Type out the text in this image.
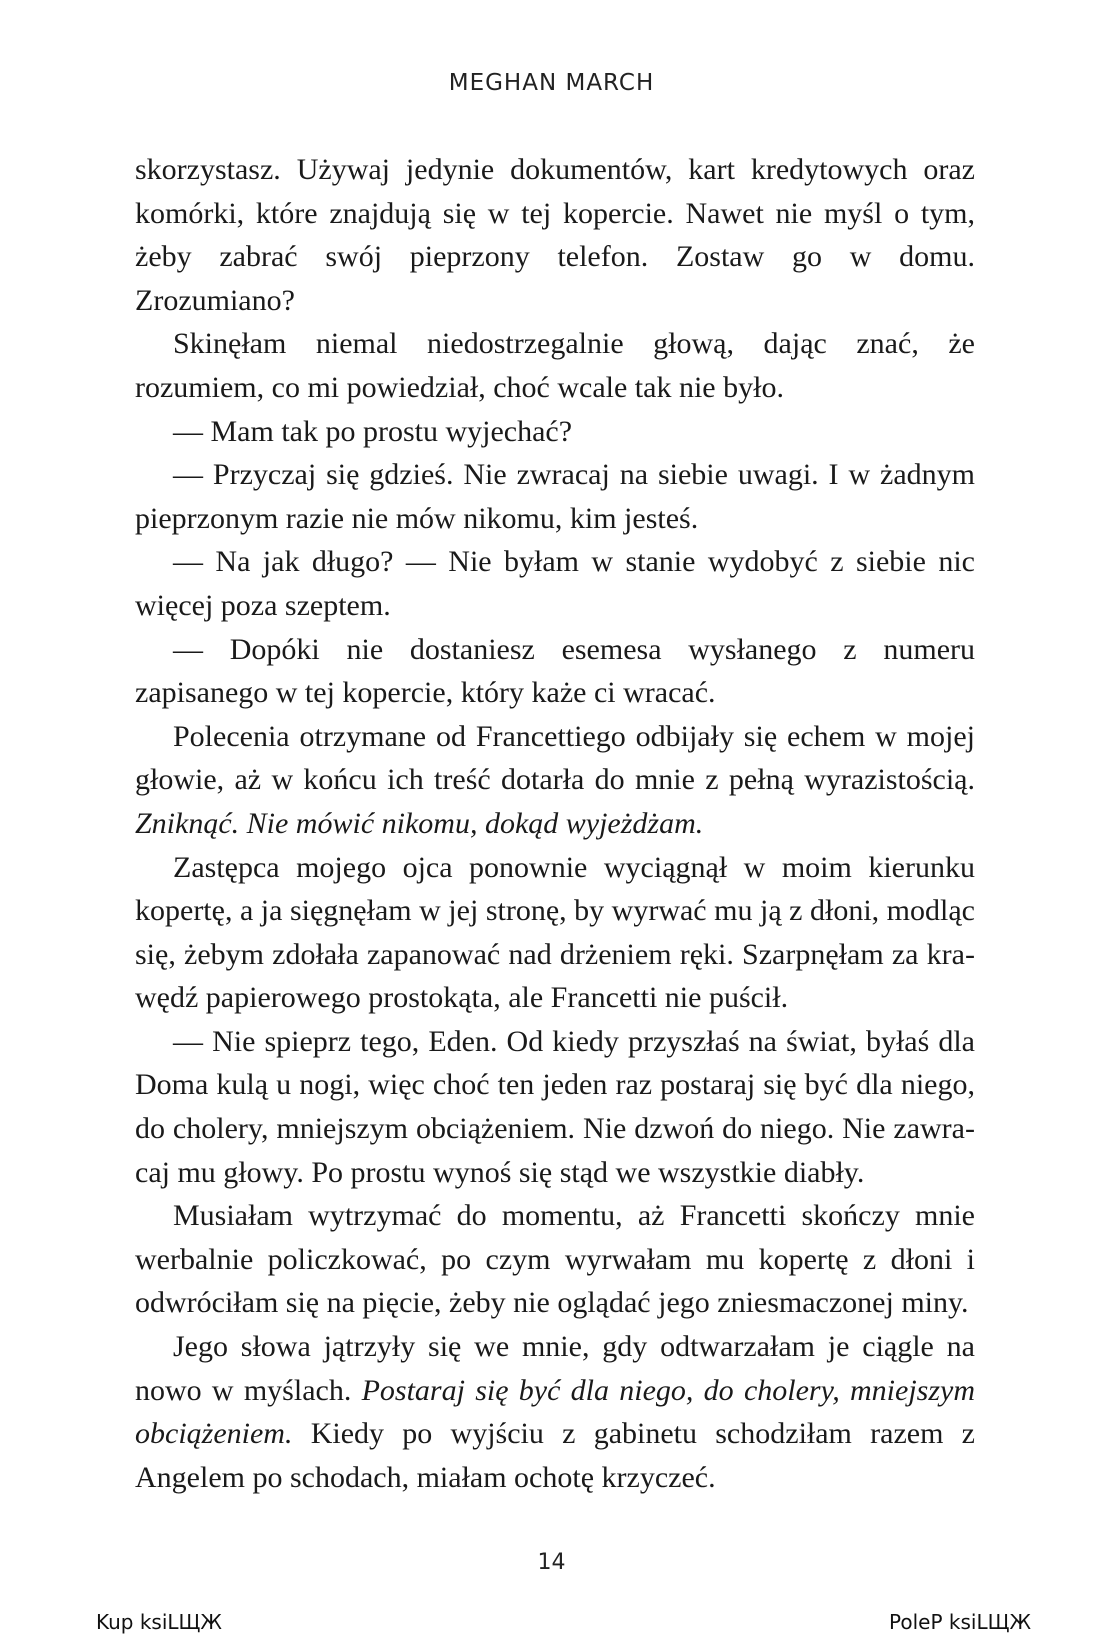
MEGHAN MARCH

skorzystasz. Używaj jedynie dokumentów, kart kredytowych oraz komórki, które znajdują się w tej kopercie. Nawet nie myśl o tym, żeby zabrać swój pieprzony telefon. Zostaw go w domu. Zrozumiano?

Skinęłam niemal niedostrzegalnie głową, dając znać, że rozumiem, co mi powiedział, choć wcale tak nie było.

— Mam tak po prostu wyjechać?

— Przyczaj się gdzieś. Nie zwracaj na siebie uwagi. I w żadnym pieprzonym razie nie mów nikomu, kim jesteś.

— Na jak długo? — Nie byłam w stanie wydobyć z siebie nic więcej poza szeptem.

— Dopóki nie dostaniesz esemesa wysłanego z numeru zapisanego w tej kopercie, który każe ci wracać.

Polecenia otrzymane od Francettiego odbijały się echem w mojej głowie, aż w końcu ich treść dotarła do mnie z pełną wyrazistością. Zniknąć. Nie mówić nikomu, dokąd wyjeżdżam.

Zastępca mojego ojca ponownie wyciągnął w moim kierunku kopertę, a ja sięgnęłam w jej stronę, by wyrwać mu ją z dłoni, modląc się, żebym zdołała zapanować nad drżeniem ręki. Szarpnęłam za krawędź papierowego prostokąta, ale Francetti nie puścił.

— Nie spieprz tego, Eden. Od kiedy przyszłaś na świat, byłaś dla Doma kulą u nogi, więc choć ten jeden raz postaraj się być dla niego, do cholery, mniejszym obciążeniem. Nie dzwoń do niego. Nie zawracaj mu głowy. Po prostu wynoś się stąd we wszystkie diabły.

Musiałam wytrzymać do momentu, aż Francetti skończy mnie werbalnie policzkować, po czym wyrwałam mu kopertę z dłoni i odwróciłam się na pięcie, żeby nie oglądać jego zniesmaczonej miny.

Jego słowa jątrzyły się we mnie, gdy odtwarzałam je ciągle na nowo w myślach. Postaraj się być dla niego, do cholery, mniejszym obciążeniem. Kiedy po wyjściu z gabinetu schodziłam razem z Angelem po schodach, miałam ochotę krzyczeć.

14
Kup ksiLЩЖ	PoleP ksiLЩЖ
